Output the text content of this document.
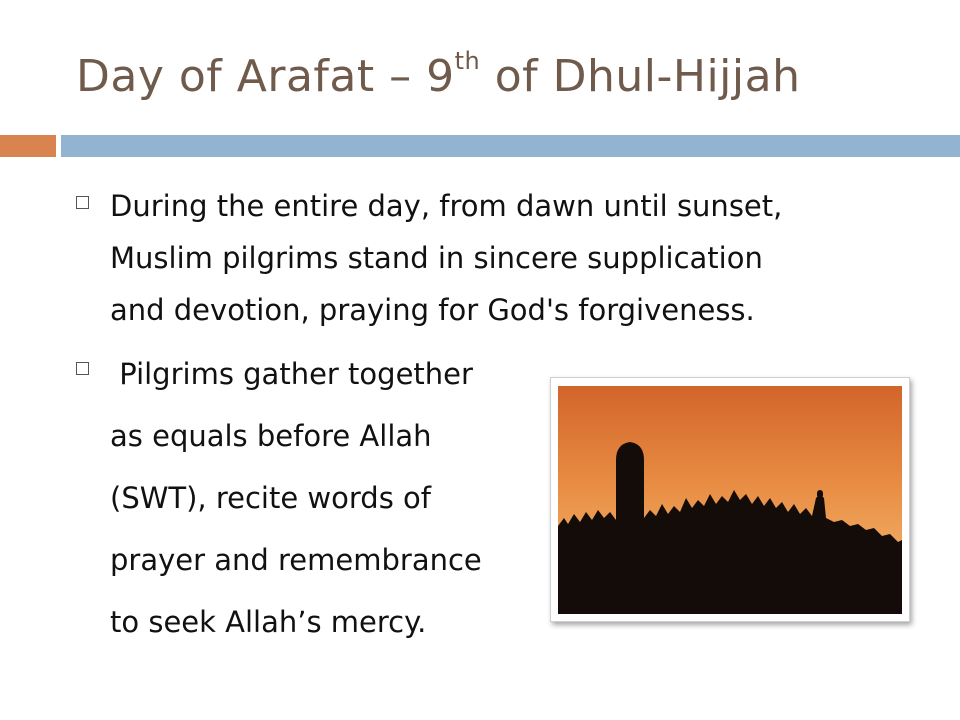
Day of Arafat – 9th of Dhul-Hijjah

During the entire day, from dawn until sunset,
Muslim pilgrims stand in sincere supplication
and devotion, praying for God's forgiveness.

Pilgrims gather together
as equals before Allah
(SWT), recite words of
prayer and remembrance
to seek Allah’s mercy.
